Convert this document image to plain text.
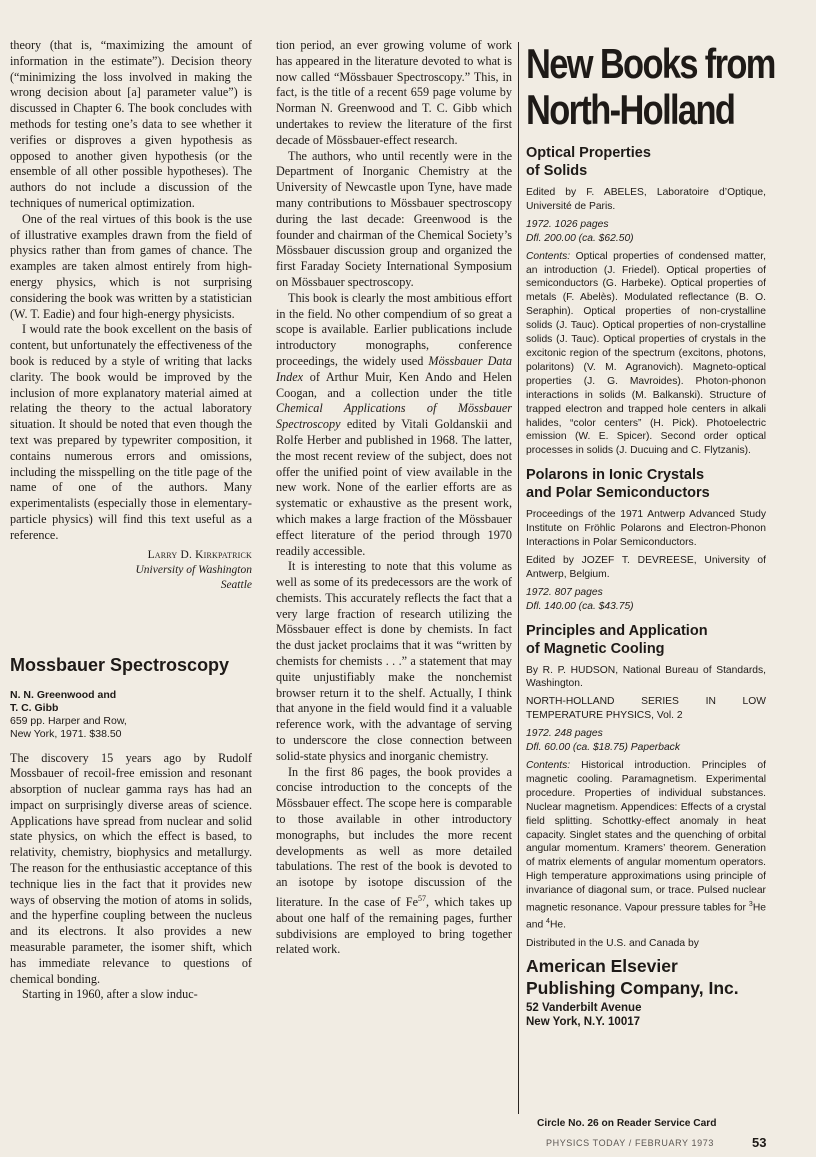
theory (that is, “maximizing the amount of information in the estimate”). Decision theory (“minimizing the loss involved in making the wrong decision about [a] parameter value”) is discussed in Chapter 6. The book concludes with methods for testing one’s data to see whether it verifies or disproves a given hypothesis as opposed to another given hypothesis (or the ensemble of all other possible hypotheses). The authors do not include a discussion of the techniques of numerical optimization.

One of the real virtues of this book is the use of illustrative examples drawn from the field of physics rather than from games of chance. The examples are taken almost entirely from high-energy physics, which is not surprising considering the book was written by a statistician (W. T. Eadie) and four high-energy physicists.

I would rate the book excellent on the basis of content, but unfortunately the effectiveness of the book is reduced by a style of writing that lacks clarity. The book would be improved by the inclusion of more explanatory material aimed at relating the theory to the actual laboratory situation. It should be noted that even though the text was prepared by typewriter composition, it contains numerous errors and omissions, including the misspelling on the title page of the name of one of the authors. Many experimentalists (especially those in elementary-particle physics) will find this text useful as a reference.

Larry D. Kirkpatrick
University of Washington
Seattle
Mossbauer Spectroscopy
N. N. Greenwood and
T. C. Gibb
659 pp. Harper and Row,
New York, 1971. $38.50

The discovery 15 years ago by Rudolf Mossbauer of recoil-free emission and resonant absorption of nuclear gamma rays has had an impact on surprisingly diverse areas of science. Applications have spread from nuclear and solid state physics, on which the effect is based, to relativity, chemistry, biophysics and metallurgy. The reason for the enthusiastic acceptance of this technique lies in the fact that it provides new ways of observing the motion of atoms in solids, and the hyperfine coupling between the nucleus and its electrons. It also provides a new measurable parameter, the isomer shift, which has immediate relevance to questions of chemical bonding.

Starting in 1960, after a slow induc-

tion period, an ever growing volume of work has appeared in the literature devoted to what is now called “Mössbauer Spectroscopy.” This, in fact, is the title of a recent 659 page volume by Norman N. Greenwood and T. C. Gibb which undertakes to review the literature of the first decade of Mössbauer-effect research.

The authors, who until recently were in the Department of Inorganic Chemistry at the University of Newcastle upon Tyne, have made many contributions to Mössbauer spectroscopy during the last decade: Greenwood is the founder and chairman of the Chemical Society’s Mössbauer discussion group and organized the first Faraday Society International Symposium on Mössbauer spectroscopy.

This book is clearly the most ambitious effort in the field. No other compendium of so great a scope is available. Earlier publications include introductory monographs, conference proceedings, the widely used Mössbauer Data Index of Arthur Muir, Ken Ando and Helen Coogan, and a collection under the title Chemical Applications of Mössbauer Spectroscopy edited by Vitali Goldanskii and Rolfe Herber and published in 1968. The latter, the most recent review of the subject, does not offer the unified point of view available in the new work. None of the earlier efforts are as systematic or exhaustive as the present work, which makes a large fraction of the Mössbauer effect literature of the period through 1970 readily accessible.

It is interesting to note that this volume as well as some of its predecessors are the work of chemists. This accurately reflects the fact that a very large fraction of research utilizing the Mössbauer effect is done by chemists. In fact the dust jacket proclaims that it was “written by chemists for chemists . . .” a statement that may quite unjustifiably make the nonchemist browser return it to the shelf. Actually, I think that anyone in the field would find it a valuable reference work, with the advantage of serving to underscore the close connection between solid-state physics and inorganic chemistry.

In the first 86 pages, the book provides a concise introduction to the concepts of the Mössbauer effect. The scope here is comparable to those available in other introductory monographs, but includes the more recent developments as well as more detailed tabulations. The rest of the book is devoted to an isotope by isotope discussion of the literature. In the case of Fe$^{57}$, which takes up about one half of the remaining pages, further subdivisions are employed to bring together related work.

New Books from
North-Holland
Optical Properties
of Solids
Edited by F. ABELES, Laboratoire d’Optique, Université de Paris.
1972. 1026 pages
Dfl. 200.00 (ca. $62.50)
Contents: Optical properties of condensed matter, an introduction (J. Friedel). Optical properties of semiconductors (G. Harbeke). Optical properties of metals (F. Abelès). Modulated reflectance (B. O. Seraphin). Optical properties of non-crystalline solids (J. Tauc). Optical properties of non-crystalline solids (J. Tauc). Optical properties of crystals in the excitonic region of the spectrum (excitons, photons, polaritons) (V. M. Agranovich). Magneto-optical properties (J. G. Mavroides). Photon-phonon interactions in solids (M. Balkanski). Structure of trapped electron and trapped hole centers in alkali halides, “color centers” (H. Pick). Photoelectric emission (W. E. Spicer). Second order optical processes in solids (J. Ducuing and C. Flytzanis).
Polarons in Ionic Crystals
and Polar Semiconductors
Proceedings of the 1971 Antwerp Advanced Study Institute on Fröhlic Polarons and Electron-Phonon Interactions in Polar Semiconductors.
Edited by JOZEF T. DEVREESE, University of Antwerp, Belgium.
1972. 807 pages
Dfl. 140.00 (ca. $43.75)
Principles and Application
of Magnetic Cooling
By R. P. HUDSON, National Bureau of Standards, Washington.
NORTH-HOLLAND SERIES IN LOW TEMPERATURE PHYSICS, Vol. 2
1972. 248 pages
Dfl. 60.00 (ca. $18.75) Paperback
Contents: Historical introduction. Principles of magnetic cooling. Paramagnetism. Experimental procedure. Properties of individual substances. Nuclear magnetism. Appendices: Effects of a crystal field splitting. Schottky-effect anomaly in heat capacity. Singlet states and the quenching of orbital angular momentum. Kramers’ theorem. Generation of matrix elements of angular momentum operators. High temperature approximations using principle of invariance of diagonal sum, or trace. Pulsed nuclear magnetic resonance. Vapour pressure tables for $^3$He and $^4$He.
Distributed in the U.S. and Canada by
American Elsevier
Publishing Company, Inc.
52 Vanderbilt Avenue
New York, N.Y. 10017
Circle No. 26 on Reader Service Card
PHYSICS TODAY / FEBRUARY 1973	53
